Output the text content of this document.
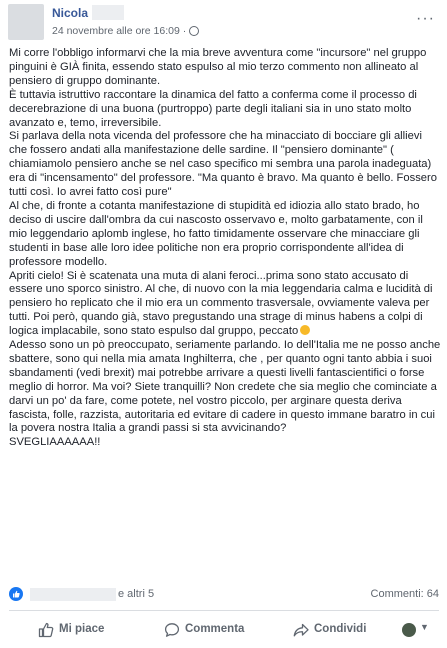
Nicola
24 novembre alle ore 16:09 ·
···

Mi corre l'obbligo informarvi che la mia breve avventura come "incursore" nel gruppo pinguini è GIÀ finita, essendo stato espulso al mio terzo commento non allineato al pensiero di gruppo dominante.

È tuttavia istruttivo raccontare la dinamica del fatto a conferma come il processo di decerebrazione di una buona (purtroppo) parte degli italiani sia in uno stato molto avanzato e, temo, irreversibile.

Si parlava della nota vicenda del professore che ha minacciato di bocciare gli allievi che fossero andati alla manifestazione delle sardine. Il "pensiero dominante" ( chiamiamolo pensiero anche se nel caso specifico mi sembra una parola inadeguata) era di "incensamento" del professore. "Ma quanto è bravo. Ma quanto è bello. Fossero tutti così. Io avrei fatto così pure"

Al che, di fronte a cotanta manifestazione di stupidità ed idiozia allo stato brado, ho deciso di uscire dall'ombra da cui nascosto osservavo e, molto garbatamente, con il mio leggendario aplomb inglese, ho fatto timidamente osservare che minacciare gli studenti in base alle loro idee politiche non era proprio corrispondente all'idea di professore modello.

Apriti cielo! Si è scatenata una muta di alani feroci...prima sono stato accusato di essere uno sporco sinistro. Al che, di nuovo con la mia leggendaria calma e lucidità di pensiero ho replicato che il mio era un commento trasversale, ovviamente valeva per tutti. Poi però, quando già, stavo pregustando una strage di minus habens a colpi di logica implacabile, sono stato espulso dal gruppo, peccato

Adesso sono un pò preoccupato, seriamente parlando. Io dell'Italia me ne posso anche sbattere, sono qui nella mia amata Inghilterra, che , per quanto ogni tanto abbia i suoi sbandamenti (vedi brexit) mai potrebbe arrivare a questi livelli fantascientifici o forse meglio di horror. Ma voi? Siete tranquilli? Non credete che sia meglio che cominciate a darvi un po' da fare, come potete, nel vostro piccolo, per arginare questa deriva fascista, folle, razzista, autoritaria ed evitare di cadere in questo immane baratro in cui la povera nostra Italia a grandi passi si sta avvicinando?

SVEGLIAAAAAA!!

e altri 5	Commenti: 64
Mi piace	Commenta	Condividi	▼
